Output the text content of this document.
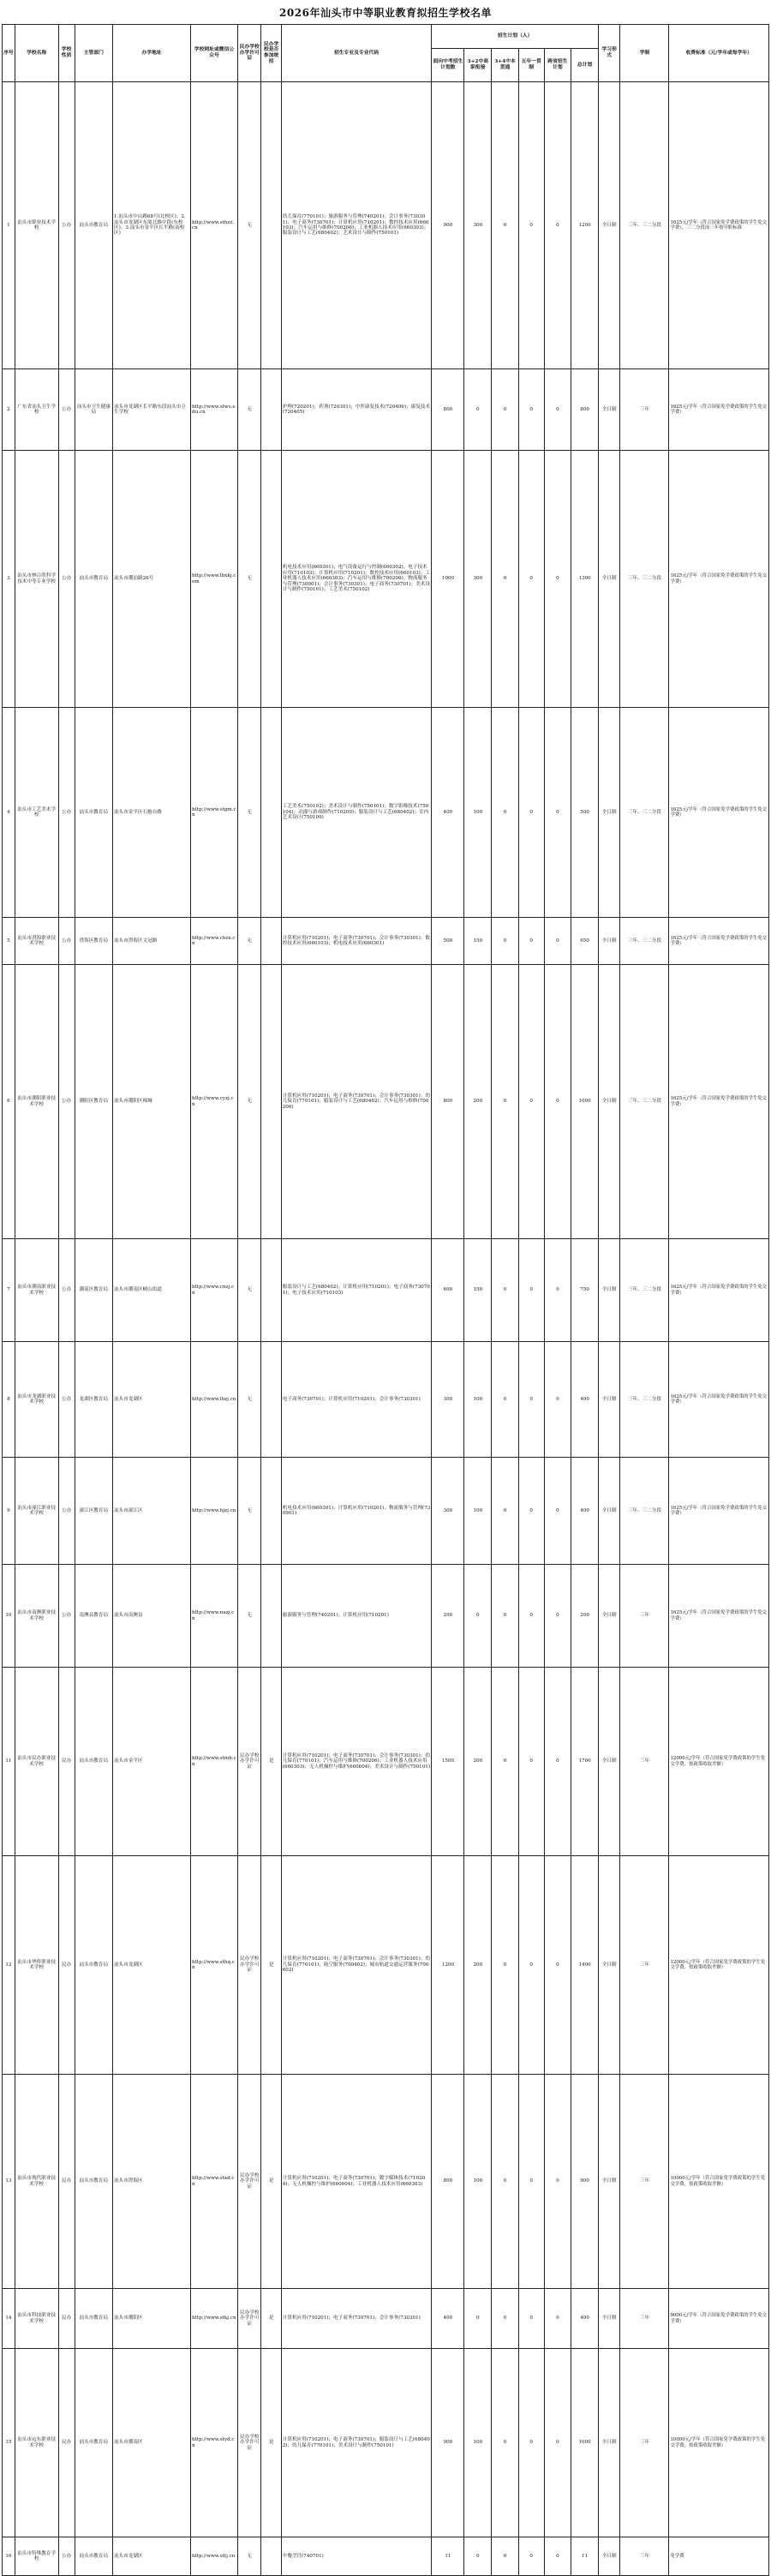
2026年汕头市中等职业教育拟招生学校名单
序号	学校名称	学校性质	主管部门	办学地址	学校网址或微信公众号	民办学校办学许可证	民办学校是否参加统招	招生专业及专业代码	招生计划（人）						学习形式	学制	收费标准（元/学年或每学年）
									面向中考招生计划数	3+2中高职衔接	3+4中本贯通	五年一贯制	跨省招生计划	总计划			
1	汕头市职业技术学校	公办	汕头市教育局	1.汕头市中山路68号(北校区)；2.汕头市龙湖区东厦北路中段(东校区)；3.汕头市金平区长平路(南校区)	http://www.sthzz.cn	无		幼儿保育(770101)；旅游服务与管理(740201)；会计事务(730301)；电子商务(730701)；计算机应用(710201)；数控技术应用(660103)；汽车运用与维修(700206)；工业机器人技术应用(660303)；服装设计与工艺(680402)；艺术设计与制作(750101)	900	300	0	0	0	1200	全日制	三年、三二分段	1625元/学年（符合国家免学费政策的学生免交学费），三二分段前三年按中职标准
2	广东省汕头卫生学校	公办	汕头市卫生健康局	汕头市龙湖区长平路东段汕头市卫生学校	http://www.stws.edu.cn	无		护理(720201)；药剂(720301)；中医康复技术(720406)；康复技术(720405)	800	0	0	0	0	800	全日制	三年	1625元/学年（符合国家免学费政策的学生免交学费）
3	汕头市林百欣科学技术中等专业学校	公办	汕头市教育局	汕头市潮汕路26号	http://www.lbxkj.com	无		机电技术应用(660301)；电气设备运行与控制(660302)；电子技术应用(710103)；计算机应用(710201)；数控技术应用(660103)；工业机器人技术应用(660303)；汽车运用与维修(700206)；物流服务与管理(730901)；会计事务(730301)；电子商务(730701)；美术设计与制作(750101)；工艺美术(750102)	1000	300	0	0	0	1300	全日制	三年、三二分段	1625元/学年（符合国家免学费政策的学生免交学费）
4	汕头市工艺美术学校	公办	汕头市教育局	汕头市金平区石炮台路	http://www.stgm.cn	无		工艺美术(750102)；美术设计与制作(750101)；数字影像技术(750104)；动漫与游戏制作(710209)；服装设计与工艺(680402)；室内艺术设计(750109)	400	100	0	0	0	500	全日制	三年、三二分段	1625元/学年（符合国家免学费政策的学生免交学费）
5	汕头市澄海职业技术学校	公办	澄海区教育局	汕头市澄海区文冠路	http://www.chzx.cn	无		计算机应用(710201)；电子商务(730701)；会计事务(730301)；数控技术应用(660103)；机电技术应用(660301)	500	150	0	0	0	650	全日制	三年、三二分段	1625元/学年（符合国家免学费政策的学生免交学费）
6	汕头市潮阳职业技术学校	公办	潮阳区教育局	汕头市潮阳区棉城	http://www.cyzj.cn	无		计算机应用(710201)；电子商务(730701)；会计事务(730301)；幼儿保育(770101)；服装设计与工艺(680402)；汽车运用与维修(700206)	800	200	0	0	0	1000	全日制	三年、三二分段	1625元/学年（符合国家免学费政策的学生免交学费）
7	汕头市潮南职业技术学校	公办	潮南区教育局	汕头市潮南区峡山街道	http://www.cnzj.cn	无		服装设计与工艺(680402)；计算机应用(710201)；电子商务(730701)；电子技术应用(710103)	600	150	0	0	0	750	全日制	三年、三二分段	1625元/学年（符合国家免学费政策的学生免交学费）
8	汕头市龙湖职业技术学校	公办	龙湖区教育局	汕头市龙湖区	http://www.lhzj.cn	无		电子商务(730701)；计算机应用(710201)；会计事务(730301)	300	100	0	0	0	400	全日制	三年、三二分段	1625元/学年（符合国家免学费政策的学生免交学费）
9	汕头市濠江职业技术学校	公办	濠江区教育局	汕头市濠江区	http://www.hjzj.cn	无		机电技术应用(660301)；计算机应用(710201)；物流服务与管理(730901)	300	100	0	0	0	400	全日制	三年、三二分段	1625元/学年（符合国家免学费政策的学生免交学费）
10	汕头市南澳职业技术学校	公办	南澳县教育局	汕头市南澳县	http://www.nazj.cn	无		旅游服务与管理(740201)；计算机应用(710201)	200	0	0	0	0	200	全日制	三年	1625元/学年（符合国家免学费政策的学生免交学费）
11	汕头市民办职业技术学校	民办	汕头市教育局	汕头市金平区	http://www.stmb.cn	民办学校办学许可证	是	计算机应用(710201)；电子商务(730701)；会计事务(730301)；幼儿保育(770101)；汽车运用与维修(700206)；工业机器人技术应用(660303)；无人机操控与维护(660604)；美术设计与制作(750101)	1500	200	0	0	0	1700	全日制	三年	12000元/学年（符合国家免学费政策的学生免交学费，按政策收取差额）
12	汕头市华侨职业技术学校	民办	汕头市教育局	汕头市龙湖区	http://www.sthq.cn	民办学校办学许可证	是	计算机应用(710201)；电子商务(730701)；会计事务(730301)；幼儿保育(770101)；航空服务(700402)；城市轨道交通运营服务(700602)	1200	200	0	0	0	1400	全日制	三年	12000元/学年（符合国家免学费政策的学生免交学费，按政策收取差额）
13	汕头市现代职业技术学校	民办	汕头市教育局	汕头市澄海区	http://www.stxd.cn	民办学校办学许可证	是	计算机应用(710201)；电子商务(730701)；数字媒体技术(710204)；无人机操控与维护(660604)；工业机器人技术应用(660303)	800	100	0	0	0	900	全日制	三年	10000元/学年（符合国家免学费政策的学生免交学费，按政策收取差额）
14	汕头市科技职业技术学校	民办	汕头市教育局	汕头市潮阳区	http://www.stkj.cn	民办学校办学许可证	是	计算机应用(710201)；电子商务(730701)；会计事务(730301)	400	0	0	0	0	400	全日制	三年	9000元/学年（符合国家免学费政策的学生免交学费）
15	汕头市远东职业技术学校	民办	汕头市教育局	汕头市潮南区	http://www.styd.cn	民办学校办学许可证	是	计算机应用(710201)；电子商务(730701)；服装设计与工艺(680402)；幼儿保育(770101)；美术设计与制作(750101)	900	100	0	0	0	1000	全日制	三年	10000元/学年（符合国家免学费政策的学生免交学费，按政策收取差额）
16	汕头市特殊教育学校	公办	汕头市教育局	汕头市龙湖区	http://www.sttj.cn	无		中餐烹饪(740701)	11	0	0	0	0	11	全日制	三年	免学费
